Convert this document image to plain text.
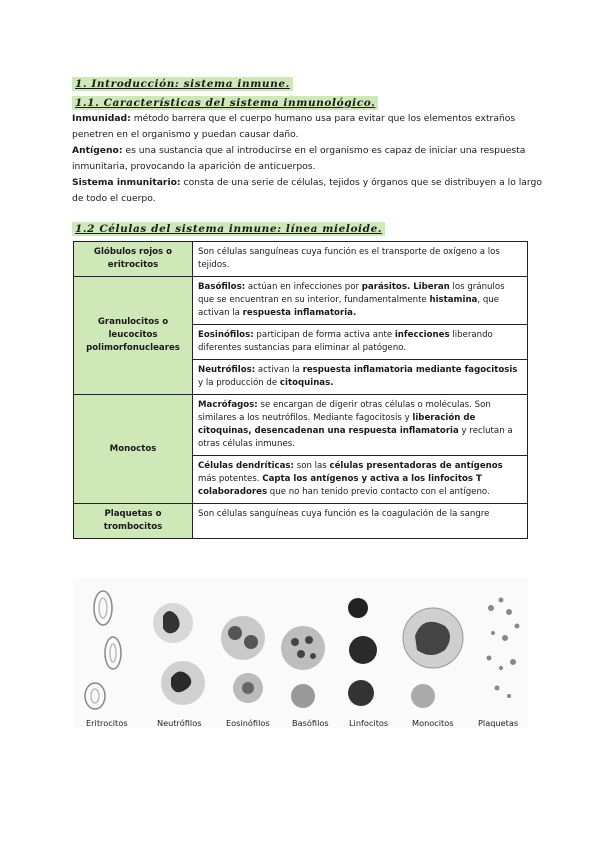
1. Introducción: sistema inmune.
1.1. Características del sistema inmunológico.
Inmunidad: método barrera que el cuerpo humano usa para evitar que los elementos extraños penetren en el organismo y puedan causar daño.
Antígeno: es una sustancia que al introducirse en el organismo es capaz de iniciar una respuesta inmunitaria, provocando la aparición de anticuerpos.
Sistema inmunitario: consta de una serie de células, tejidos y órganos que se distribuyen a lo largo de todo el cuerpo.
1.2 Células del sistema inmune: línea mieloide.
Glóbulos rojos o eritrocitos	Son células sanguíneas cuya función es el transporte de oxígeno a los tejidos.
Granulocitos o leucocitos polimorfonucleares	Basófilos: actúan en infecciones por parásitos. Liberan los gránulos que se encuentran en su interior, fundamentalmente histamina, que activan la respuesta inflamatoria.
	Eosinófilos: participan de forma activa ante infecciones liberando diferentes sustancias para eliminar al patógeno.
	Neutrófilos: activan la respuesta inflamatoria mediante fagocitosis y la producción de citoquinas.
Monoctos	Macrófagos: se encargan de digerir otras células o moléculas. Son similares a los neutrófilos. Mediante fagocitosis y liberación de citoquinas, desencadenan una respuesta inflamatoria y reclutan a otras células inmunes.
	Células dendríticas: son las células presentadoras de antígenos más potentes. Capta los antígenos y activa a los linfocitos T colaboradores que no han tenido previo contacto con el antígeno.
Plaquetas o trombocitos	Son células sanguíneas cuya función es la coagulación de la sangre
Eritrocitos	Neutrófilos	Eosinófilos	Basófilos Linfocitos	Monocitos	Plaquetas
